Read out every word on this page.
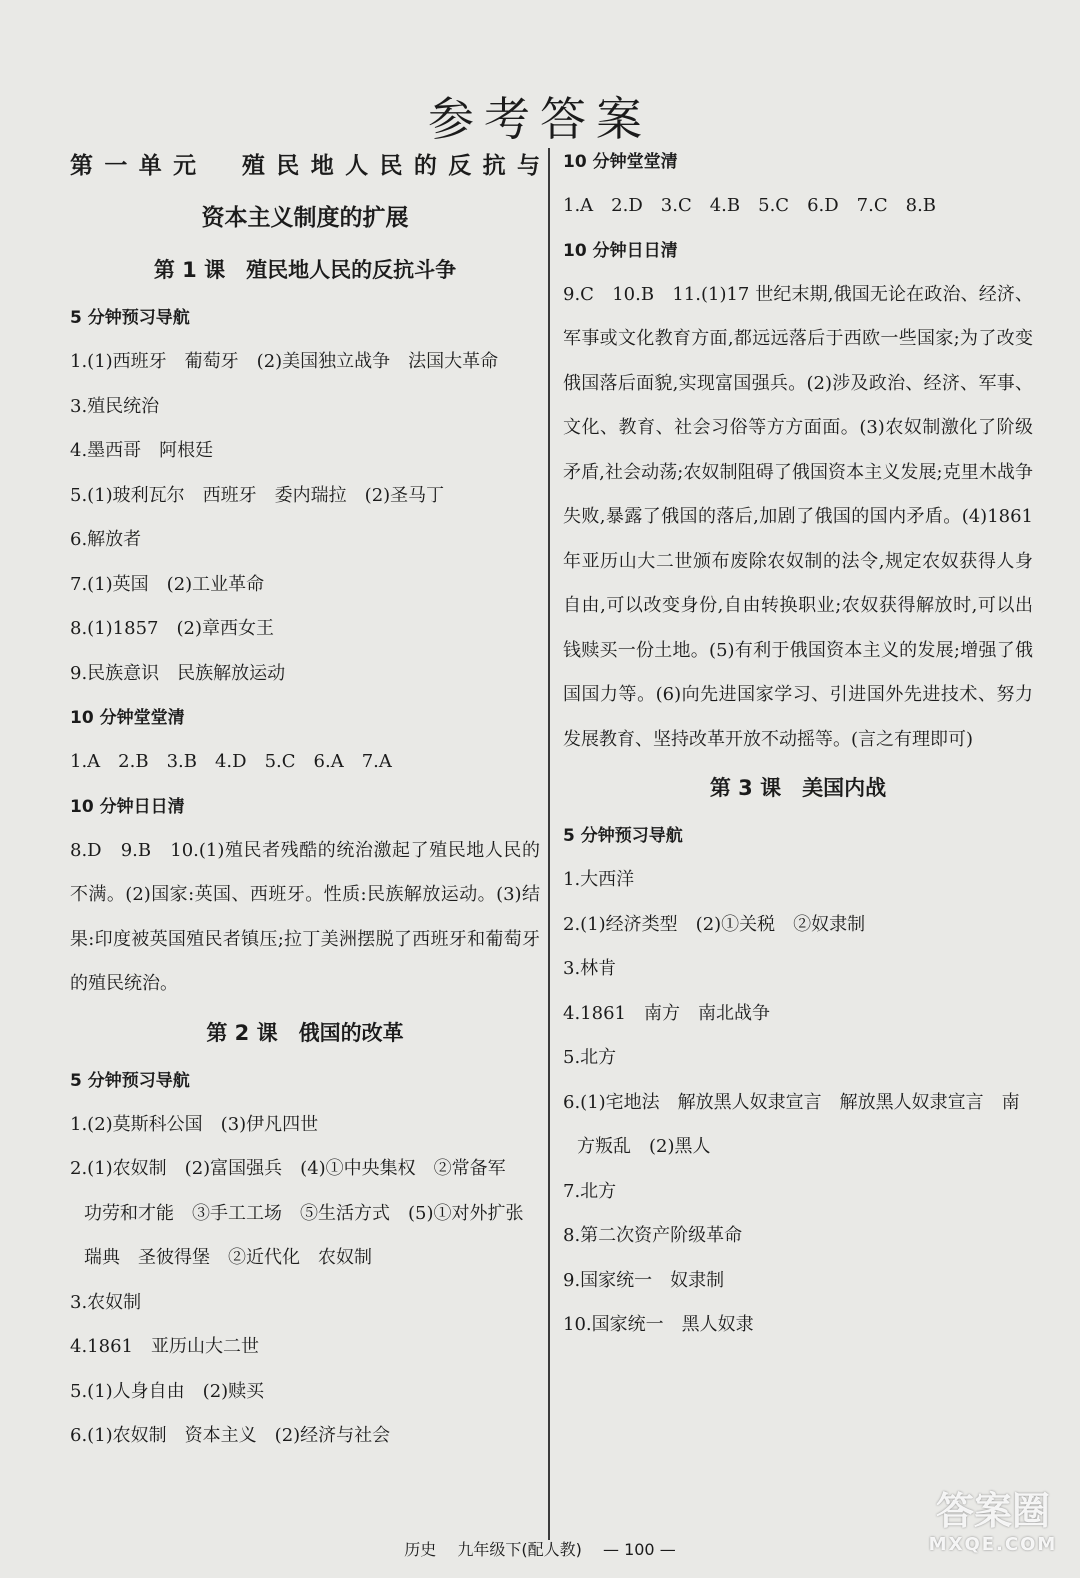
参考答案

第一单元　殖民地人民的反抗与

资本主义制度的扩展

第 1 课　殖民地人民的反抗斗争

5 分钟预习导航

1.(1)西班牙　葡萄牙　(2)美国独立战争　法国大革命

3.殖民统治

4.墨西哥　阿根廷

5.(1)玻利瓦尔　西班牙　委内瑞拉　(2)圣马丁

6.解放者

7.(1)英国　(2)工业革命

8.(1)1857　(2)章西女王

9.民族意识　民族解放运动

10 分钟堂堂清

1.A　2.B　3.B　4.D　5.C　6.A　7.A

10 分钟日日清

8.D　9.B　10.(1)殖民者残酷的统治激起了殖民地人民的不满。(2)国家:英国、西班牙。性质:民族解放运动。(3)结果:印度被英国殖民者镇压;拉丁美洲摆脱了西班牙和葡萄牙的殖民统治。

第 2 课　俄国的改革

5 分钟预习导航

1.(2)莫斯科公国　(3)伊凡四世

2.(1)农奴制　(2)富国强兵　(4)①中央集权　②常备军　功劳和才能　③手工工场　⑤生活方式　(5)①对外扩张　瑞典　圣彼得堡　②近代化　农奴制

3.农奴制

4.1861　亚历山大二世

5.(1)人身自由　(2)赎买

6.(1)农奴制　资本主义　(2)经济与社会

10 分钟堂堂清

1.A　2.D　3.C　4.B　5.C　6.D　7.C　8.B

10 分钟日日清

9.C　10.B　11.(1)17 世纪末期,俄国无论在政治、经济、军事或文化教育方面,都远远落后于西欧一些国家;为了改变俄国落后面貌,实现富国强兵。(2)涉及政治、经济、军事、文化、教育、社会习俗等方方面面。(3)农奴制激化了阶级矛盾,社会动荡;农奴制阻碍了俄国资本主义发展;克里木战争失败,暴露了俄国的落后,加剧了俄国的国内矛盾。(4)1861 年亚历山大二世颁布废除农奴制的法令,规定农奴获得人身自由,可以改变身份,自由转换职业;农奴获得解放时,可以出钱赎买一份土地。(5)有利于俄国资本主义的发展;增强了俄国国力等。(6)向先进国家学习、引进国外先进技术、努力发展教育、坚持改革开放不动摇等。(言之有理即可)

第 3 课　美国内战

5 分钟预习导航

1.大西洋

2.(1)经济类型　(2)①关税　②奴隶制

3.林肯

4.1861　南方　南北战争

5.北方

6.(1)宅地法　解放黑人奴隶宣言　解放黑人奴隶宣言　南方叛乱　(2)黑人

7.北方

8.第二次资产阶级革命

9.国家统一　奴隶制

10.国家统一　黑人奴隶

历史 九年级下(配人教) — 100 —
答案圈
MXQE.COM
